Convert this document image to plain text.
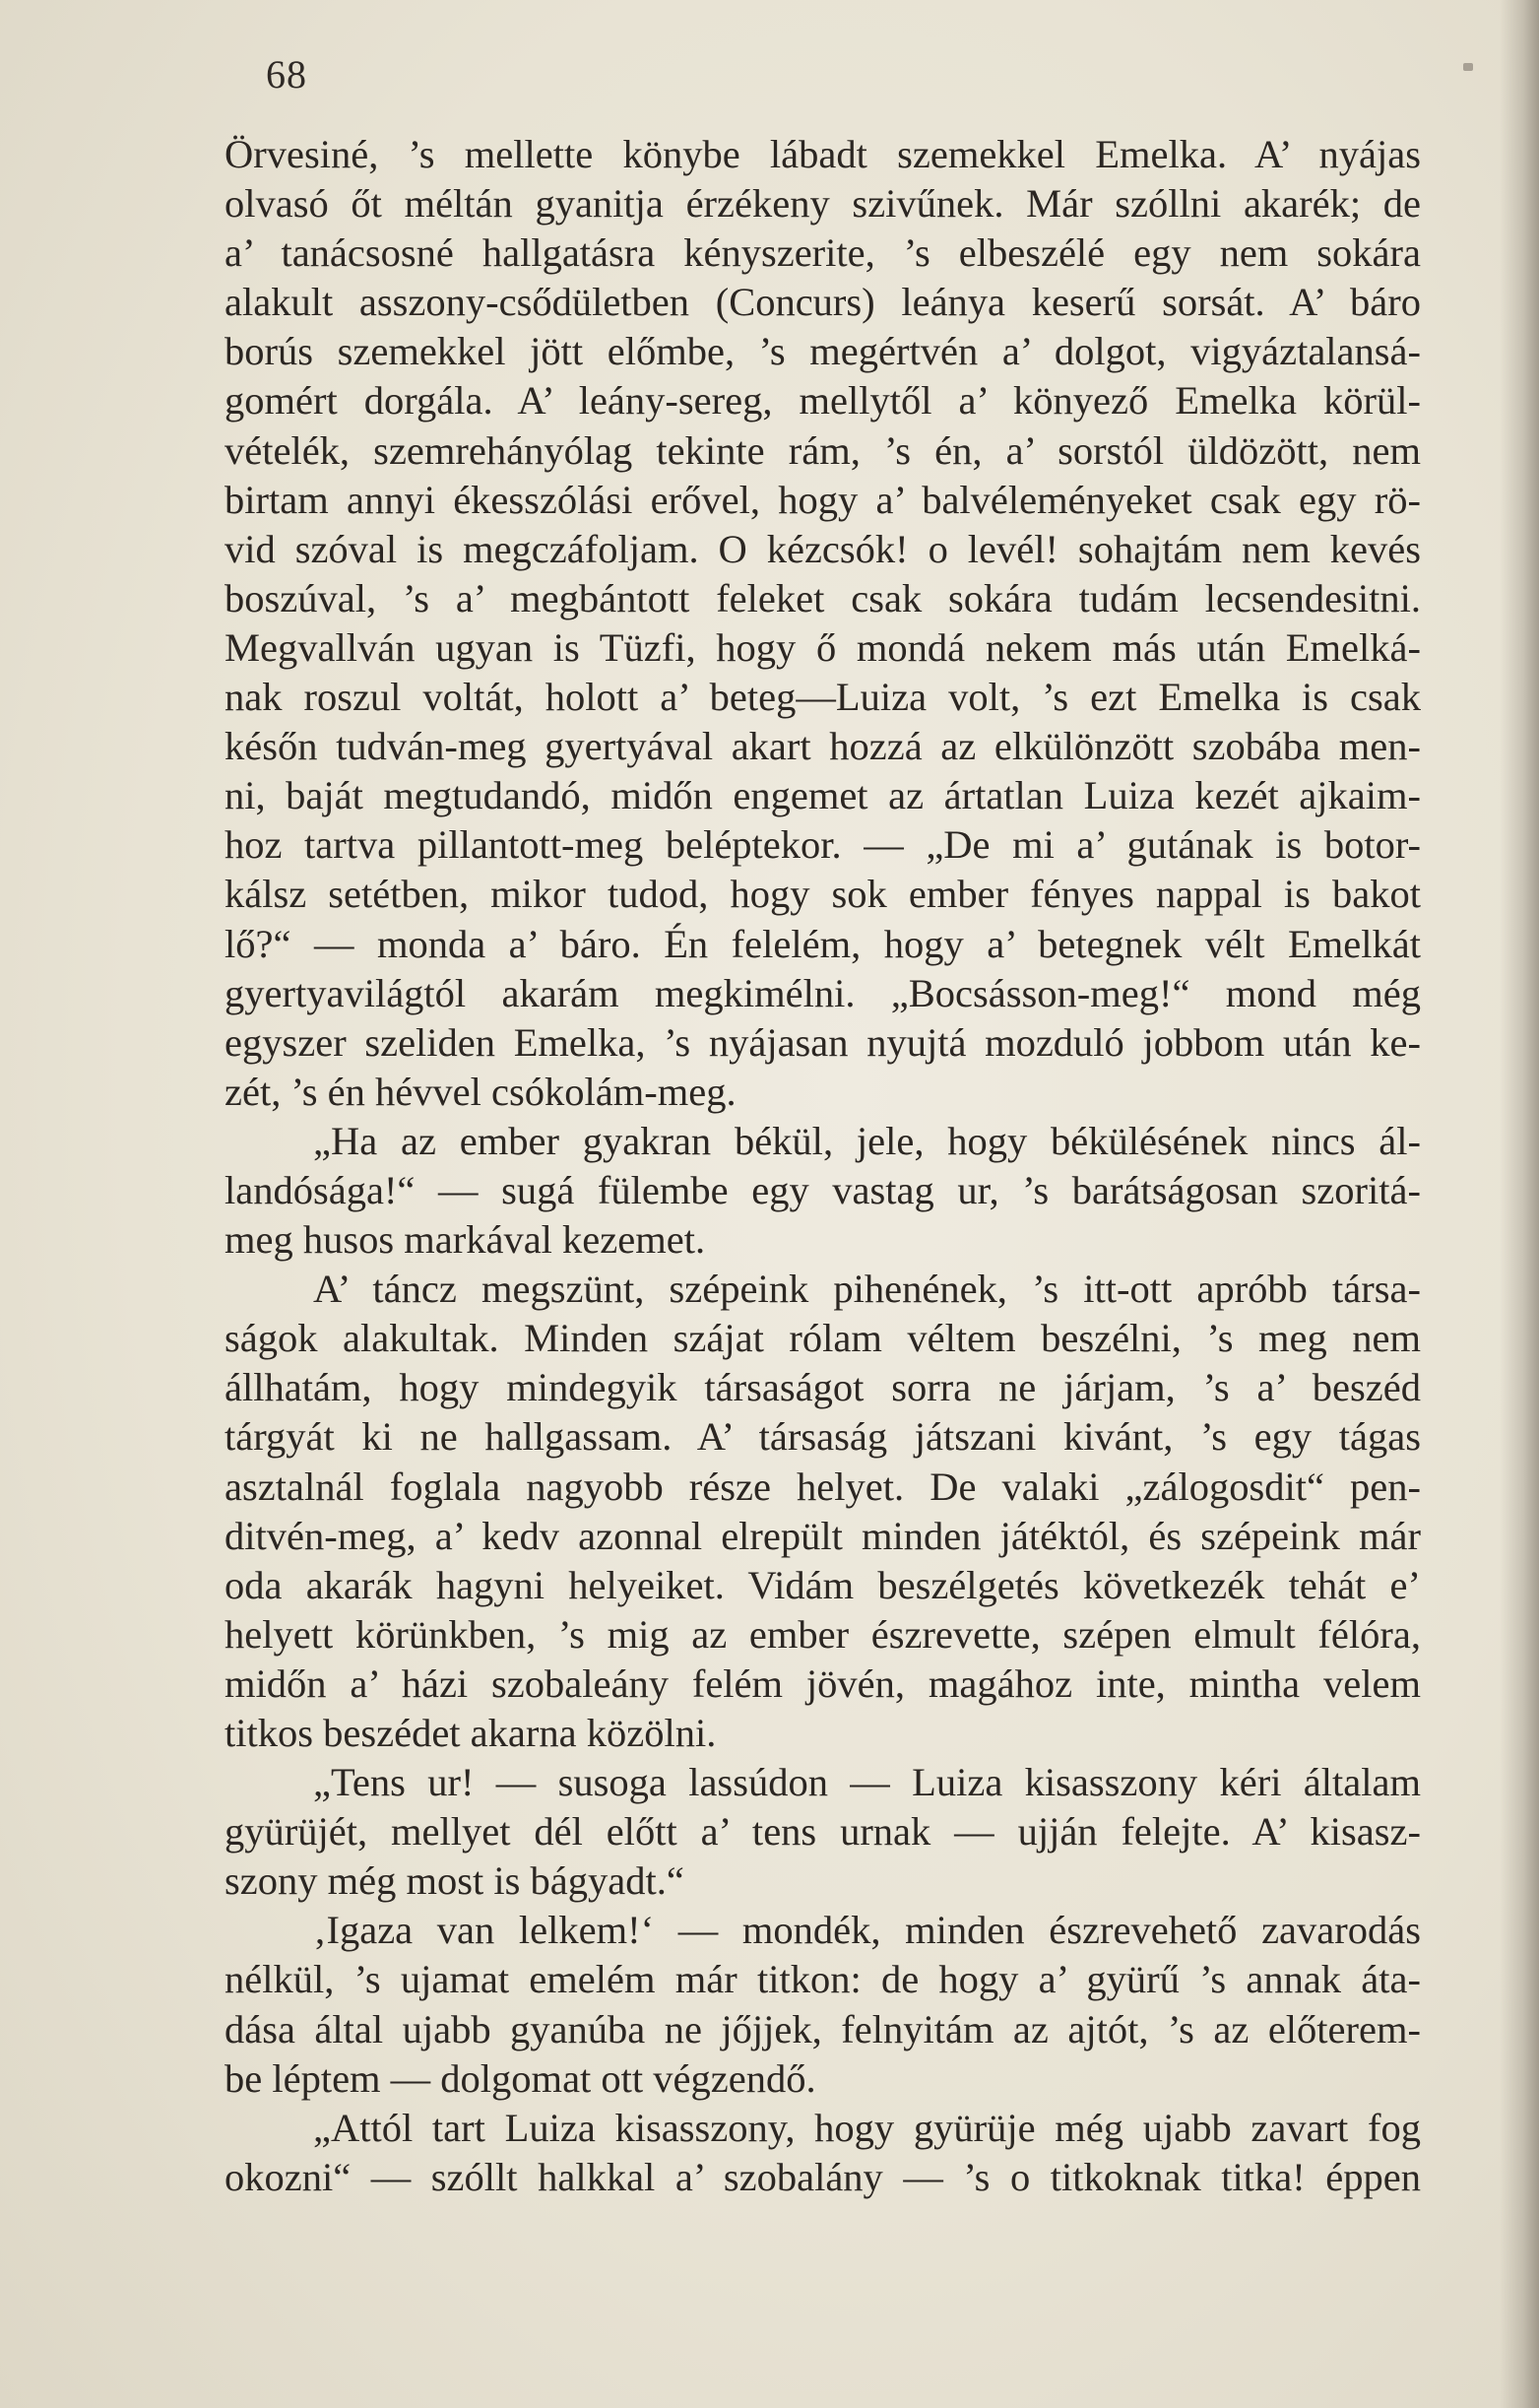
68
Örvesiné, ’s mellette könybe lábadt szemekkel Emelka. A’ nyájas
olvasó őt méltán gyanitja érzékeny szivűnek. Már szóllni akarék; de
a’ tanácsosné hallgatásra kényszerite, ’s elbeszélé egy nem sokára
alakult asszony-csődületben (Concurs) leánya keserű sorsát. A’ báro
borús szemekkel jött előmbe, ’s megértvén a’ dolgot, vigyáztalansá-
gomért dorgála. A’ leány-sereg, mellytől a’ könyező Emelka körül-
vételék, szemrehányólag tekinte rám, ’s én, a’ sorstól üldözött, nem
birtam annyi ékesszólási erővel, hogy a’ balvéleményeket csak egy rö-
vid szóval is megczáfoljam. O kézcsók! o levél! sohajtám nem kevés
boszúval, ’s a’ megbántott feleket csak sokára tudám lecsendesitni.
Megvallván ugyan is Tüzfi, hogy ő mondá nekem más után Emelká-
nak roszul voltát, holott a’ beteg—Luiza volt, ’s ezt Emelka is csak
későn tudván-meg gyertyával akart hozzá az elkülönzött szobába men-
ni, baját megtudandó, midőn engemet az ártatlan Luiza kezét ajkaim-
hoz tartva pillantott-meg beléptekor. — „De mi a’ gutának is botor-
kálsz setétben, mikor tudod, hogy sok ember fényes nappal is bakot
lő?“ — monda a’ báro. Én felelém, hogy a’ betegnek vélt Emelkát
gyertyavilágtól akarám megkimélni. „Bocsásson-meg!“ mond még
egyszer szeliden Emelka, ’s nyájasan nyujtá mozduló jobbom után ke-
zét, ’s én hévvel csókolám-meg.
„Ha az ember gyakran békül, jele, hogy békülésének nincs ál-
landósága!“ — sugá fülembe egy vastag ur, ’s barátságosan szoritá-
meg husos markával kezemet.
A’ táncz megszünt, szépeink pihenének, ’s itt-ott apróbb társa-
ságok alakultak. Minden szájat rólam véltem beszélni, ’s meg nem
állhatám, hogy mindegyik társaságot sorra ne járjam, ’s a’ beszéd
tárgyát ki ne hallgassam. A’ társaság játszani kivánt, ’s egy tágas
asztalnál foglala nagyobb része helyet. De valaki „zálogosdit“ pen-
ditvén-meg, a’ kedv azonnal elrepült minden játéktól, és szépeink már
oda akarák hagyni helyeiket. Vidám beszélgetés következék tehát e’
helyett körünkben, ’s mig az ember észrevette, szépen elmult félóra,
midőn a’ házi szobaleány felém jövén, magához inte, mintha velem
titkos beszédet akarna közölni.
„Tens ur! — susoga lassúdon — Luiza kisasszony kéri általam
gyürüjét, mellyet dél előtt a’ tens urnak — ujján felejte. A’ kisasz-
szony még most is bágyadt.“
‚Igaza van lelkem!‘ — mondék, minden észrevehető zavarodás
nélkül, ’s ujamat emelém már titkon: de hogy a’ gyürű ’s annak áta-
dása által ujabb gyanúba ne jőjjek, felnyitám az ajtót, ’s az előterem-
be léptem — dolgomat ott végzendő.
„Attól tart Luiza kisasszony, hogy gyürüje még ujabb zavart fog
okozni“ — szóllt halkkal a’ szobalány — ’s o titkoknak titka! éppen
